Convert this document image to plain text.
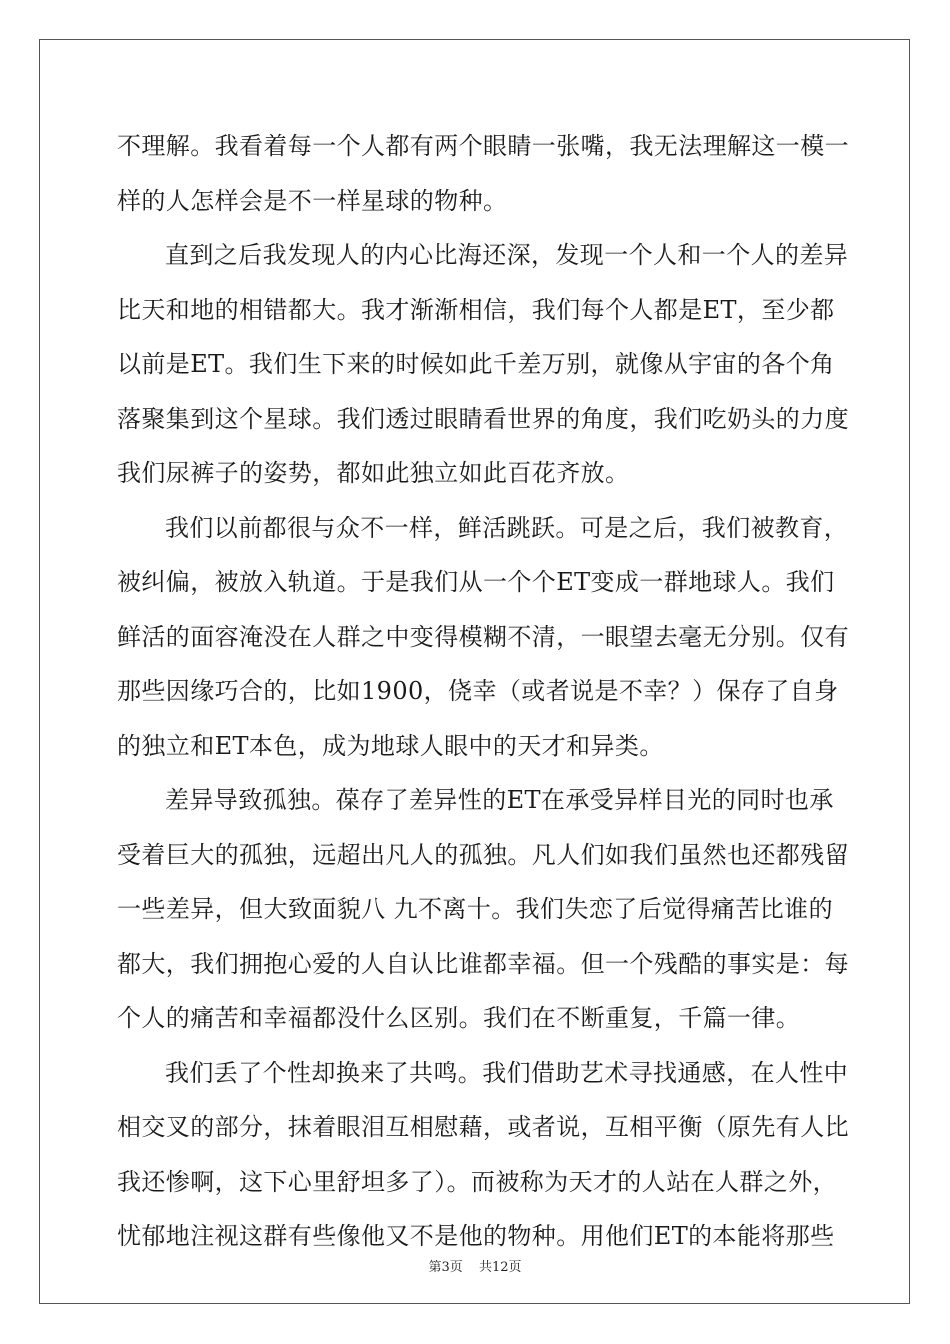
不理解。我看着每一个人都有两个眼睛一张嘴，我无法理解这一模一
样的人怎样会是不一样星球的物种。
直到之后我发现人的内心比海还深，发现一个人和一个人的差异
比天和地的相错都大。我才渐渐相信，我们每个人都是ET，至少都
以前是ET。我们生下来的时候如此千差万别，就像从宇宙的各个角
落聚集到这个星球。我们透过眼睛看世界的角度，我们吃奶头的力度
我们尿裤子的姿势，都如此独立如此百花齐放。
我们以前都很与众不一样，鲜活跳跃。可是之后，我们被教育，
被纠偏，被放入轨道。于是我们从一个个ET变成一群地球人。我们
鲜活的面容淹没在人群之中变得模糊不清，一眼望去毫无分别。仅有
那些因缘巧合的，比如1900，侥幸（或者说是不幸？）保存了自身
的独立和ET本色，成为地球人眼中的天才和异类。
差异导致孤独。葆存了差异性的ET在承受异样目光的同时也承
受着巨大的孤独，远超出凡人的孤独。凡人们如我们虽然也还都残留
一些差异，但大致面貌八 九不离十。我们失恋了后觉得痛苦比谁的
都大，我们拥抱心爱的人自认比谁都幸福。但一个残酷的事实是：每
个人的痛苦和幸福都没什么区别。我们在不断重复，千篇一律。
我们丢了个性却换来了共鸣。我们借助艺术寻找通感，在人性中
相交叉的部分，抹着眼泪互相慰藉，或者说，互相平衡（原先有人比
我还惨啊，这下心里舒坦多了）。而被称为天才的人站在人群之外，
忧郁地注视这群有些像他又不是他的物种。用他们ET的本能将那些
第3页 共12页
